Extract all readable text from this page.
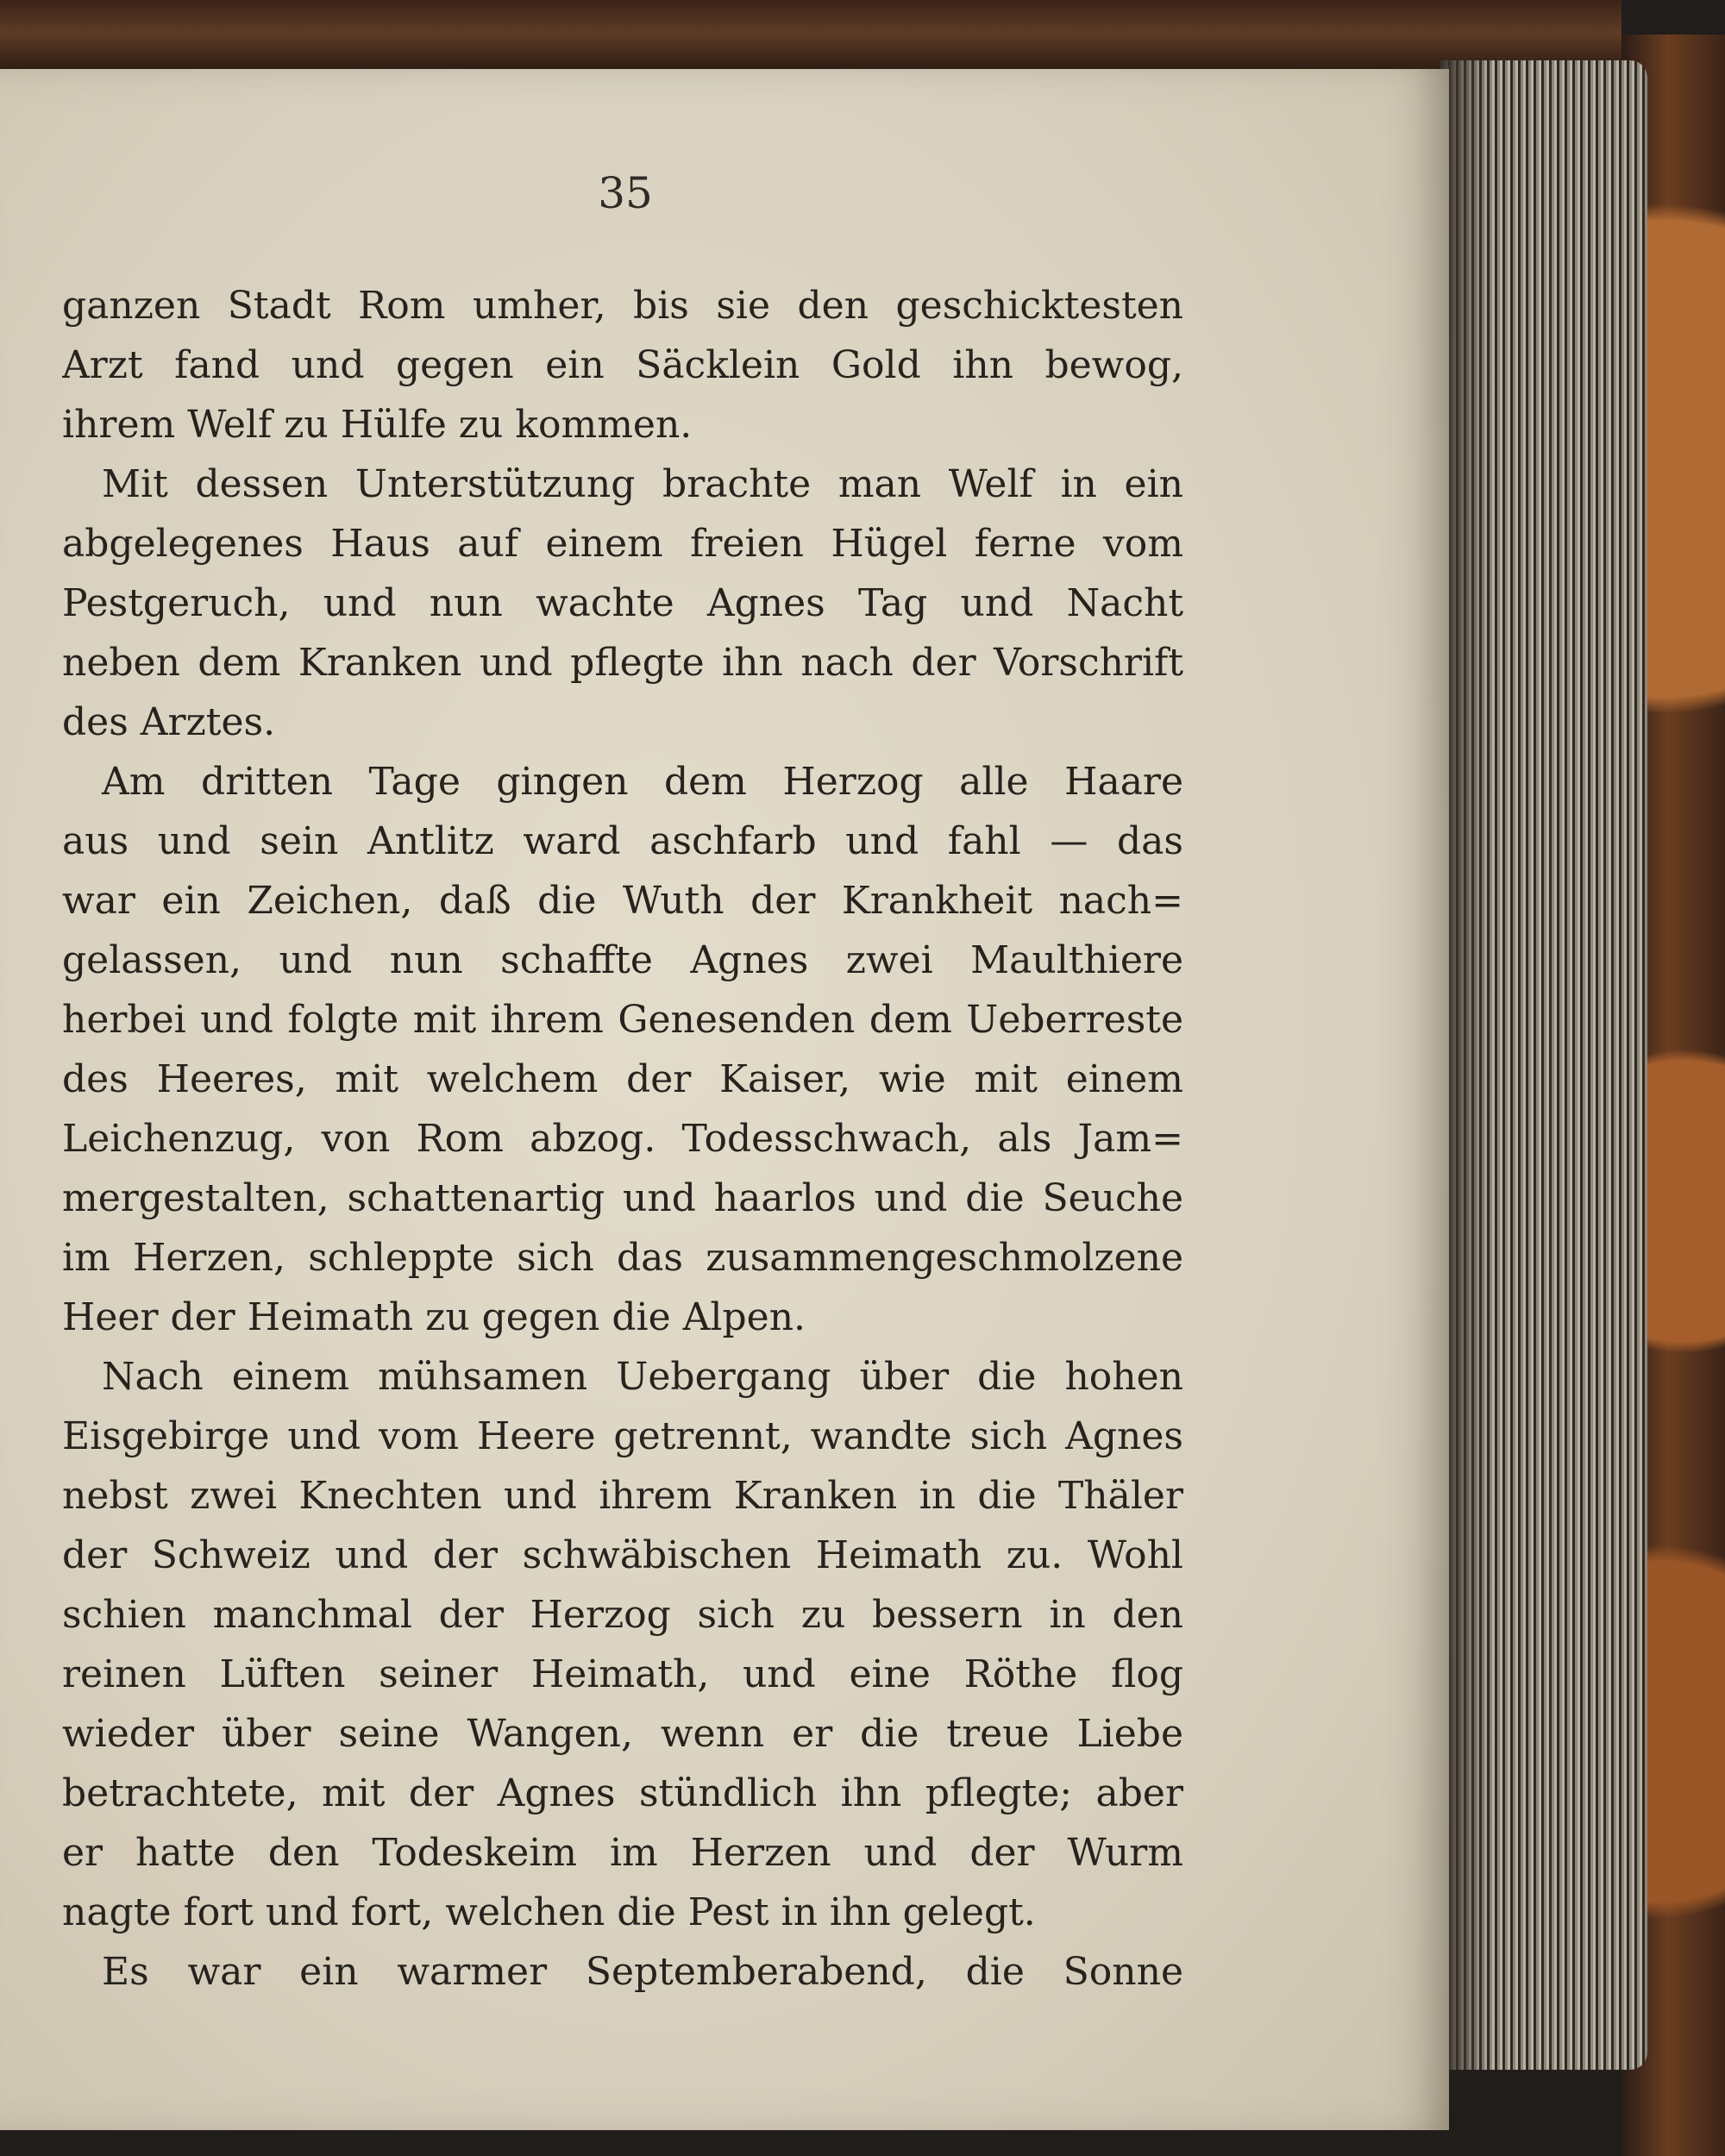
35

ganzen Stadt Rom umher, bis sie den geschicktesten
Arzt fand und gegen ein Säcklein Gold ihn bewog,
ihrem Welf zu Hülfe zu kommen.
Mit dessen Unterstützung brachte man Welf in ein
abgelegenes Haus auf einem freien Hügel ferne vom
Pestgeruch, und nun wachte Agnes Tag und Nacht
neben dem Kranken und pflegte ihn nach der Vorschrift
des Arztes.
Am dritten Tage gingen dem Herzog alle Haare
aus und sein Antlitz ward aschfarb und fahl — das
war ein Zeichen, daß die Wuth der Krankheit nach=
gelassen, und nun schaffte Agnes zwei Maulthiere
herbei und folgte mit ihrem Genesenden dem Ueberreste
des Heeres, mit welchem der Kaiser, wie mit einem
Leichenzug, von Rom abzog. Todesschwach, als Jam=
mergestalten, schattenartig und haarlos und die Seuche
im Herzen, schleppte sich das zusammengeschmolzene
Heer der Heimath zu gegen die Alpen.
Nach einem mühsamen Uebergang über die hohen
Eisgebirge und vom Heere getrennt, wandte sich Agnes
nebst zwei Knechten und ihrem Kranken in die Thäler
der Schweiz und der schwäbischen Heimath zu. Wohl
schien manchmal der Herzog sich zu bessern in den
reinen Lüften seiner Heimath, und eine Röthe flog
wieder über seine Wangen, wenn er die treue Liebe
betrachtete, mit der Agnes stündlich ihn pflegte; aber
er hatte den Todeskeim im Herzen und der Wurm
nagte fort und fort, welchen die Pest in ihn gelegt.
Es war ein warmer Septemberabend, die Sonne
